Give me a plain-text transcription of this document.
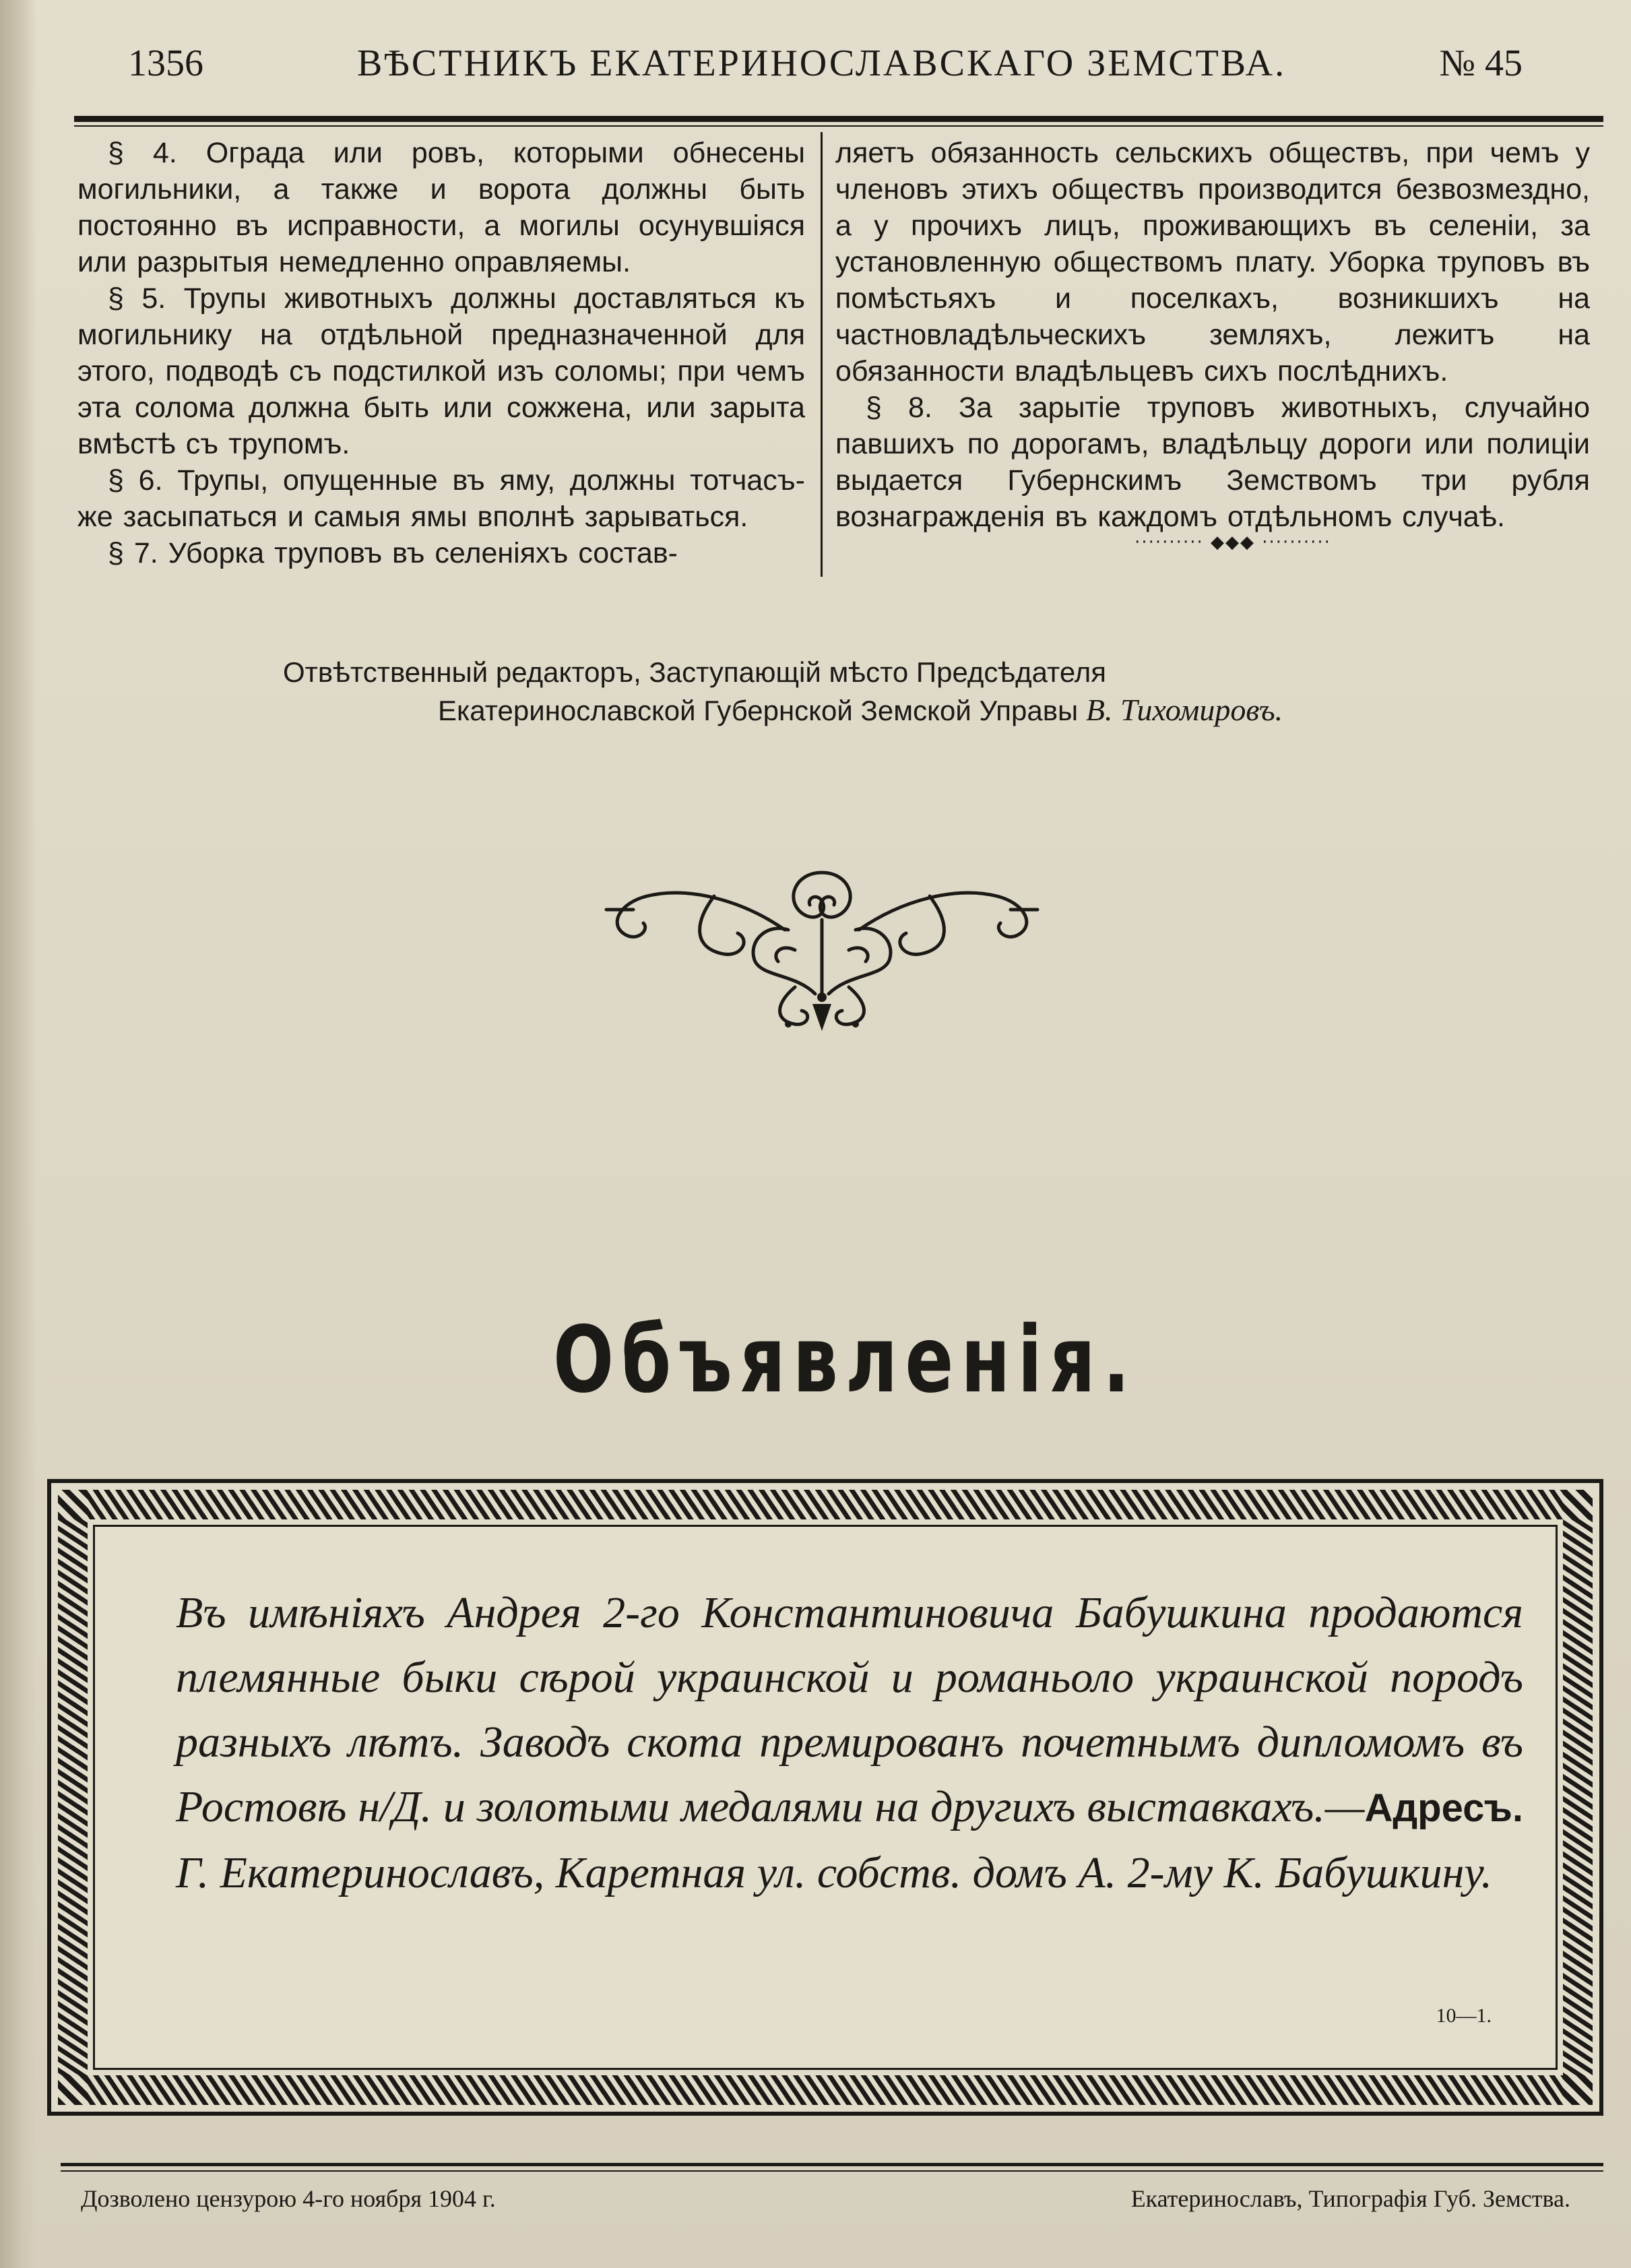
1356	ВѢСТНИКЪ ЕКАТЕРИНОСЛАВСКАГО ЗЕМСТВА.	№ 45

§ 4. Ограда или ровъ, которыми обнесены могильники, а также и ворота должны быть постоянно въ исправности, а могилы осунувшіяся или разрытыя немедленно оправляемы.

§ 5. Трупы животныхъ должны доставляться къ могильнику на отдѣльной предназначенной для этого, подводѣ съ подстилкой изъ соломы; при чемъ эта солома должна быть или сожжена, или зарыта вмѣстѣ съ трупомъ.

§ 6. Трупы, опущенные въ яму, должны тотчасъ-же засыпаться и самыя ямы вполнѣ зарываться.

§ 7. Уборка труповъ въ селеніяхъ состав-

ляетъ обязанность сельскихъ обществъ, при чемъ у членовъ этихъ обществъ производится безвозмездно, а у прочихъ лицъ, проживающихъ въ селеніи, за установленную обществомъ плату. Уборка труповъ въ помѣстьяхъ и поселкахъ, возникшихъ на частновладѣльческихъ земляхъ, лежитъ на обязанности владѣльцевъ сихъ послѣднихъ.

§ 8. За зарытіе труповъ животныхъ, случайно павшихъ по дорогамъ, владѣльцу дороги или полиціи выдается Губернскимъ Земствомъ три рубля вознагражденія въ каждомъ отдѣльномъ случаѣ.

·········· ◆◆◆ ··········
Отвѣтственный редакторъ, Заступающій мѣсто Предсѣдателя
Екатеринославской Губернской Земской Управы В. Тихомировъ.
Объявленія.
Въ имѣніяхъ Андрея 2-го Константиновича Бабушкина продаются племянные быки сѣрой украинской и романьоло украинской породъ разныхъ лѣтъ. Заводъ скота премированъ почетнымъ дипломомъ въ Ростовѣ н/Д. и золотыми медалями на другихъ выставкахъ.—Адресъ. Г. Екатеринославъ, Каретная ул. собств. домъ А. 2-му К. Бабушкину.
10—1.
Дозволено цензурою 4-го ноября 1904 г.	Екатеринославъ, Типографія Губ. Земства.
